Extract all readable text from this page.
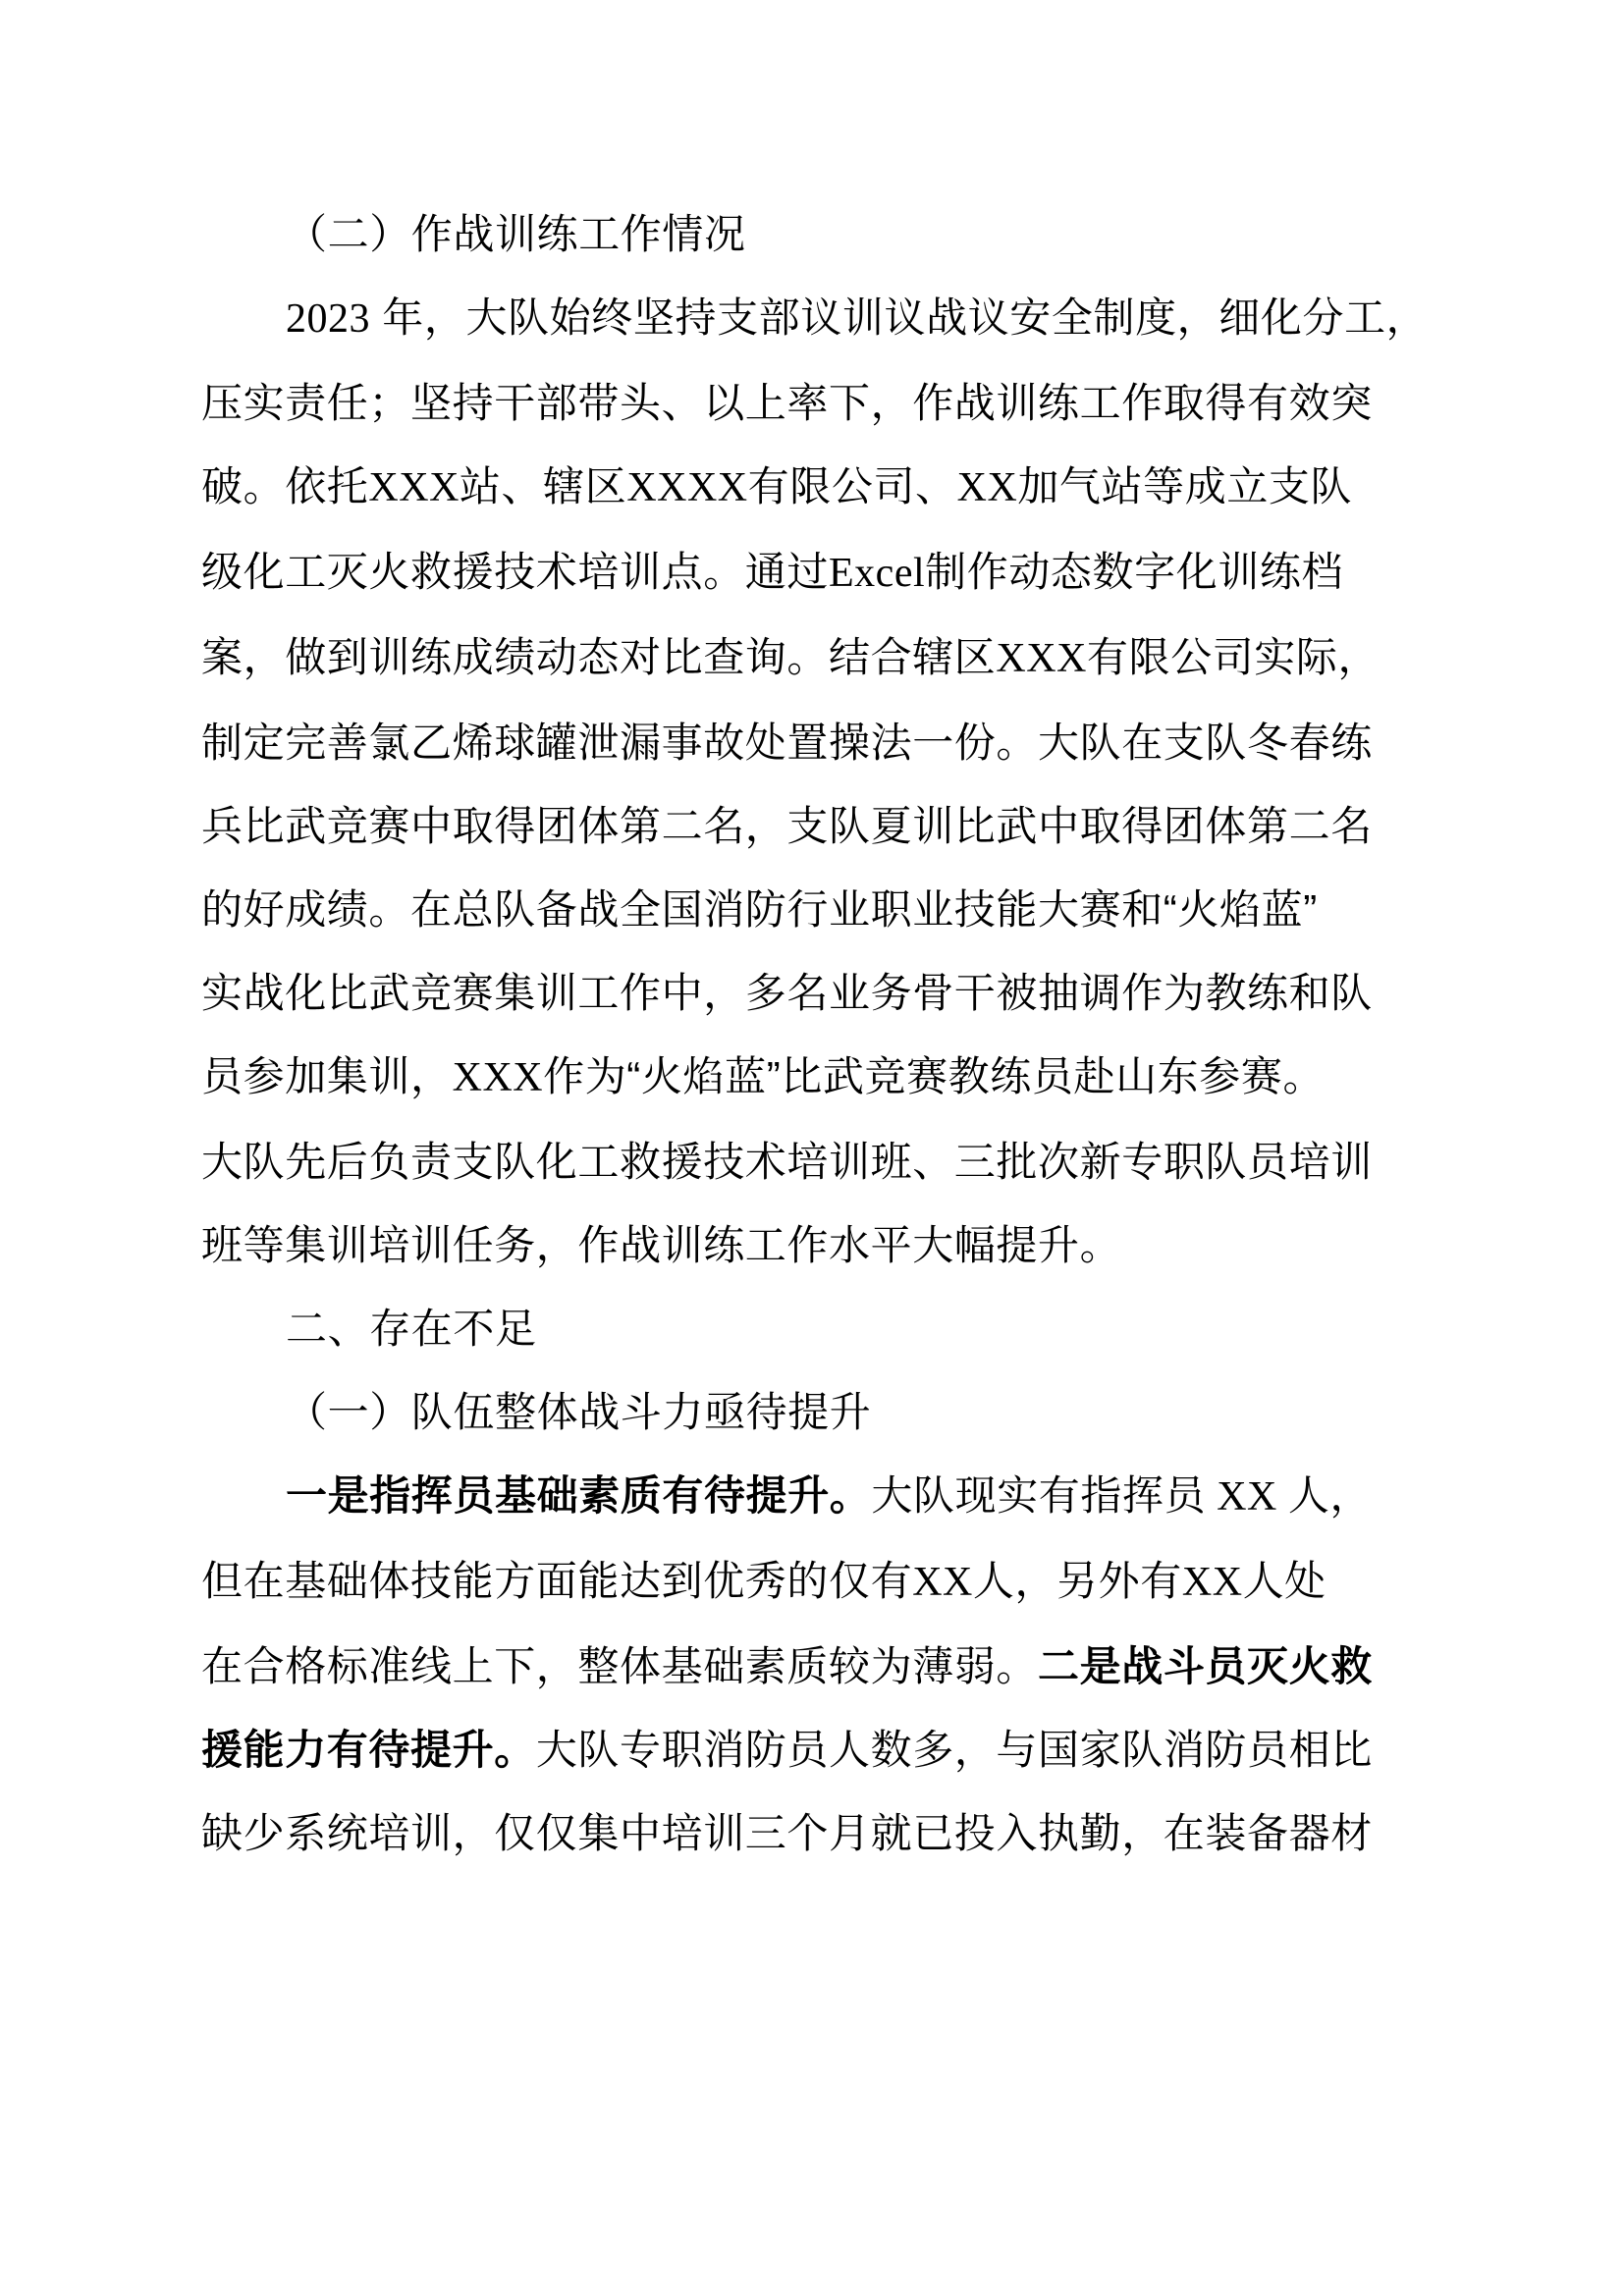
（二）作战训练工作情况
2023 年，大队始终坚持支部议训议战议安全制度，细化分工，
压实责任；坚持干部带头、以上率下，作战训练工作取得有效突
破。依托XXX站、辖区XXXX有限公司、XX加气站等成立支队
级化工灭火救援技术培训点。通过Excel制作动态数字化训练档
案，做到训练成绩动态对比查询。结合辖区XXX有限公司实际，
制定完善氯乙烯球罐泄漏事故处置操法一份。大队在支队冬春练
兵比武竞赛中取得团体第二名，支队夏训比武中取得团体第二名
的好成绩。在总队备战全国消防行业职业技能大赛和“火焰蓝”
实战化比武竞赛集训工作中，多名业务骨干被抽调作为教练和队
员参加集训，XXX作为“火焰蓝”比武竞赛教练员赴山东参赛。
大队先后负责支队化工救援技术培训班、三批次新专职队员培训
班等集训培训任务，作战训练工作水平大幅提升。
二、存在不足
（一）队伍整体战斗力亟待提升
一是指挥员基础素质有待提升。大队现实有指挥员 XX 人，
但在基础体技能方面能达到优秀的仅有XX人，另外有XX人处
在合格标准线上下，整体基础素质较为薄弱。二是战斗员灭火救
援能力有待提升。大队专职消防员人数多，与国家队消防员相比
缺少系统培训，仅仅集中培训三个月就已投入执勤，在装备器材
